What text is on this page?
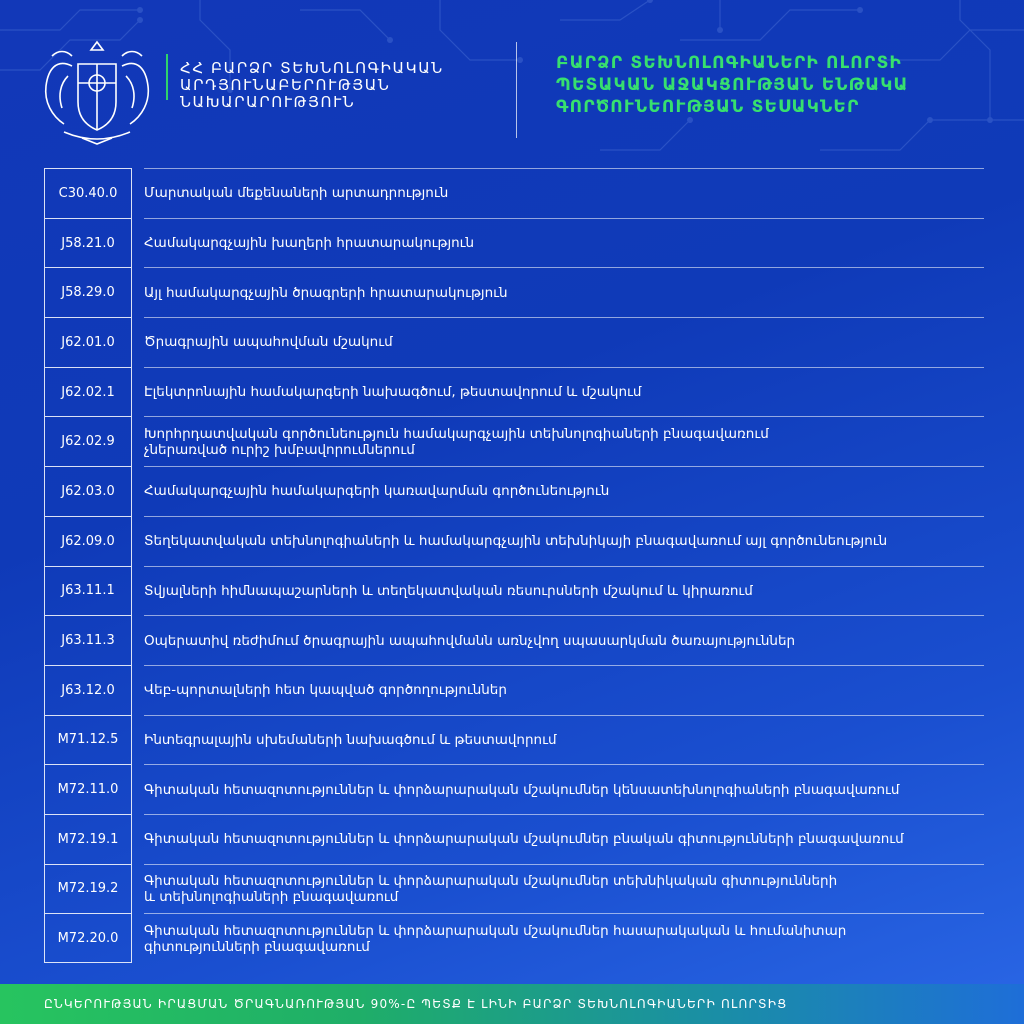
ՀՀ ԲԱՐՁՐ ՏԵԽՆՈԼՈԳԻԱԿԱՆ
ԱՐԴՅՈՒՆԱԲԵՐՈՒԹՅԱՆ
ՆԱԽԱՐԱՐՈՒԹՅՈՒՆ
ԲԱՐՁՐ ՏԵԽՆՈԼՈԳԻԱՆԵՐԻ ՈԼՈՐՏԻ
ՊԵՏԱԿԱՆ ԱՋԱԿՑՈՒԹՅԱՆ ԵՆԹԱԿԱ
ԳՈՐԾՈՒՆԵՈՒԹՅԱՆ ՏԵՍԱԿՆԵՐ
C30.40.0	Մարտական մեքենաների արտադրություն
J58.21.0	Համակարգչային խաղերի հրատարակություն
J58.29.0	Այլ համակարգչային ծրագրերի հրատարակություն
J62.01.0	Ծրագրային ապահովման մշակում
J62.02.1	Էլեկտրոնային համակարգերի նախագծում, թեստավորում և մշակում
J62.02.9	Խորհրդատվական գործունեություն համակարգչային տեխնոլոգիաների բնագավառում
չներառված ուրիշ խմբավորումներում
J62.03.0	Համակարգչային համակարգերի կառավարման գործունեություն
J62.09.0	Տեղեկատվական տեխնոլոգիաների և համակարգչային տեխնիկայի բնագավառում այլ գործունեություն
J63.11.1	Տվյալների հիմնապաշարների և տեղեկատվական ռեսուրսների մշակում և կիրառում
J63.11.3	Օպերատիվ ռեժիմում ծրագրային ապահովմանն առնչվող սպասարկման ծառայություններ
J63.12.0	Վեբ-պորտալների հետ կապված գործողություններ
M71.12.5	Ինտեգրալային սխեմաների նախագծում և թեստավորում
M72.11.0	Գիտական հետազոտություններ և փորձարարական մշակումներ կենսատեխնոլոգիաների բնագավառում
M72.19.1	Գիտական հետազոտություններ և փորձարարական մշակումներ բնական գիտությունների բնագավառում
M72.19.2	Գիտական հետազոտություններ և փորձարարական մշակումներ տեխնիկական գիտությունների
և տեխնոլոգիաների բնագավառում
M72.20.0	Գիտական հետազոտություններ և փորձարարական մշակումներ հասարակական և հումանիտար
գիտությունների բնագավառում
ԸՆԿԵՐՈՒԹՅԱՆ ԻՐԱՑՄԱՆ ԾՐԱԳՆԱՌՈՒԹՅԱՆ 90%-Ը ՊԵՏՔ Է ԼԻՆԻ ԲԱՐՁՐ ՏԵԽՆՈԼՈԳԻԱՆԵՐԻ ՈԼՈՐՏԻՑ
